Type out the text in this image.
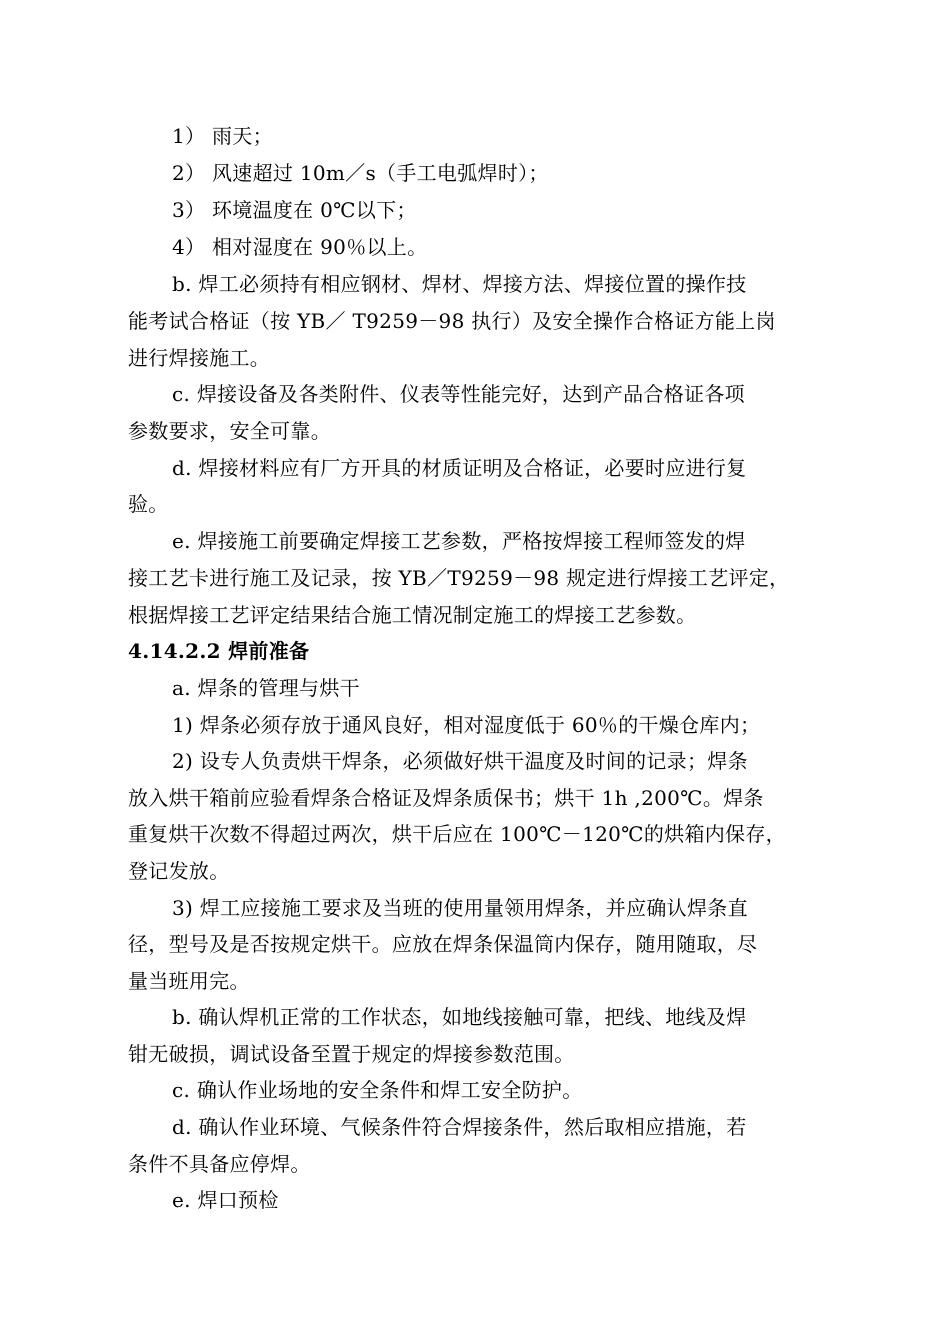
1） 雨天；

2） 风速超过 10m／s（手工电弧焊时）；

3） 环境温度在 0℃以下；

4） 相对湿度在 90％以上。

b. 焊工必须持有相应钢材、焊材、焊接方法、焊接位置的操作技

能考试合格证（按 YB／ T9259－98 执行）及安全操作合格证方能上岗

进行焊接施工。

c. 焊接设备及各类附件、仪表等性能完好，达到产品合格证各项

参数要求，安全可靠。

d. 焊接材料应有厂方开具的材质证明及合格证，必要时应进行复

验。

e. 焊接施工前要确定焊接工艺参数，严格按焊接工程师签发的焊

接工艺卡进行施工及记录，按 YB／T9259－98 规定进行焊接工艺评定，

根据焊接工艺评定结果结合施工情况制定施工的焊接工艺参数。

4.14.2.2 焊前准备

a. 焊条的管理与烘干

1) 焊条必须存放于通风良好，相对湿度低于 60％的干燥仓库内；

2) 设专人负责烘干焊条，必须做好烘干温度及时间的记录；焊条

放入烘干箱前应验看焊条合格证及焊条质保书；烘干 1h ,200℃。焊条

重复烘干次数不得超过两次，烘干后应在 100℃－120℃的烘箱内保存，

登记发放。

3) 焊工应接施工要求及当班的使用量领用焊条，并应确认焊条直

径，型号及是否按规定烘干。应放在焊条保温筒内保存，随用随取，尽

量当班用完。

b. 确认焊机正常的工作状态，如地线接触可靠，把线、地线及焊

钳无破损，调试设备至置于规定的焊接参数范围。

c. 确认作业场地的安全条件和焊工安全防护。

d. 确认作业环境、气候条件符合焊接条件，然后取相应措施，若

条件不具备应停焊。

e. 焊口预检
